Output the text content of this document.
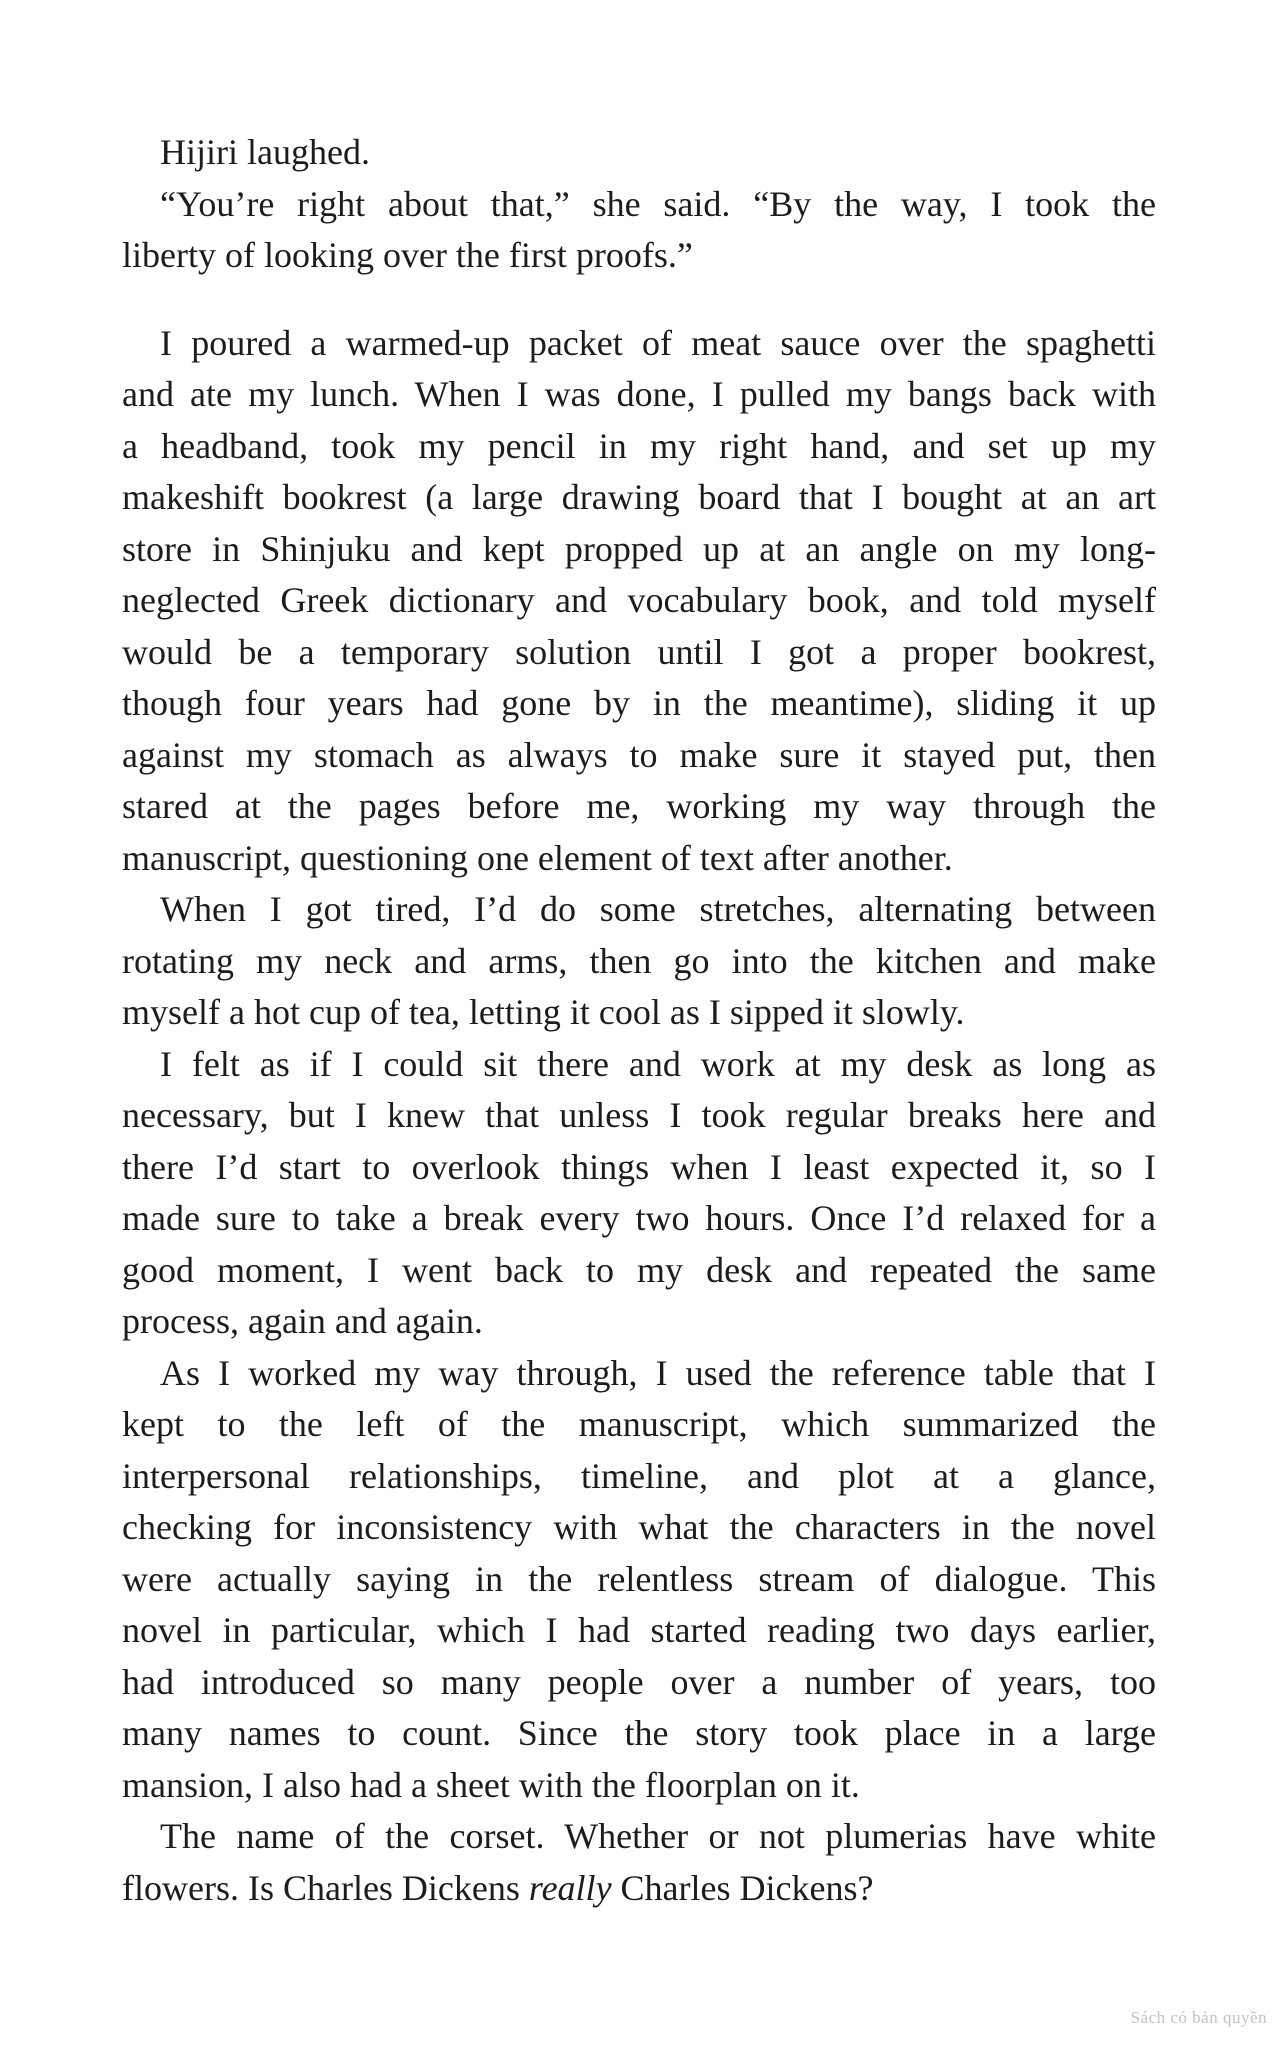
Hijiri laughed.
“You’re right about that,” she said. “By the way, I took the
liberty of looking over the first proofs.”
I poured a warmed-up packet of meat sauce over the spaghetti
and ate my lunch. When I was done, I pulled my bangs back with
a headband, took my pencil in my right hand, and set up my
makeshift bookrest (a large drawing board that I bought at an art
store in Shinjuku and kept propped up at an angle on my long-
neglected Greek dictionary and vocabulary book, and told myself
would be a temporary solution until I got a proper bookrest,
though four years had gone by in the meantime), sliding it up
against my stomach as always to make sure it stayed put, then
stared at the pages before me, working my way through the
manuscript, questioning one element of text after another.
When I got tired, I’d do some stretches, alternating between
rotating my neck and arms, then go into the kitchen and make
myself a hot cup of tea, letting it cool as I sipped it slowly.
I felt as if I could sit there and work at my desk as long as
necessary, but I knew that unless I took regular breaks here and
there I’d start to overlook things when I least expected it, so I
made sure to take a break every two hours. Once I’d relaxed for a
good moment, I went back to my desk and repeated the same
process, again and again.
As I worked my way through, I used the reference table that I
kept to the left of the manuscript, which summarized the
interpersonal relationships, timeline, and plot at a glance,
checking for inconsistency with what the characters in the novel
were actually saying in the relentless stream of dialogue. This
novel in particular, which I had started reading two days earlier,
had introduced so many people over a number of years, too
many names to count. Since the story took place in a large
mansion, I also had a sheet with the floorplan on it.
The name of the corset. Whether or not plumerias have white
flowers. Is Charles Dickens really Charles Dickens?
Sách có bản quyền
